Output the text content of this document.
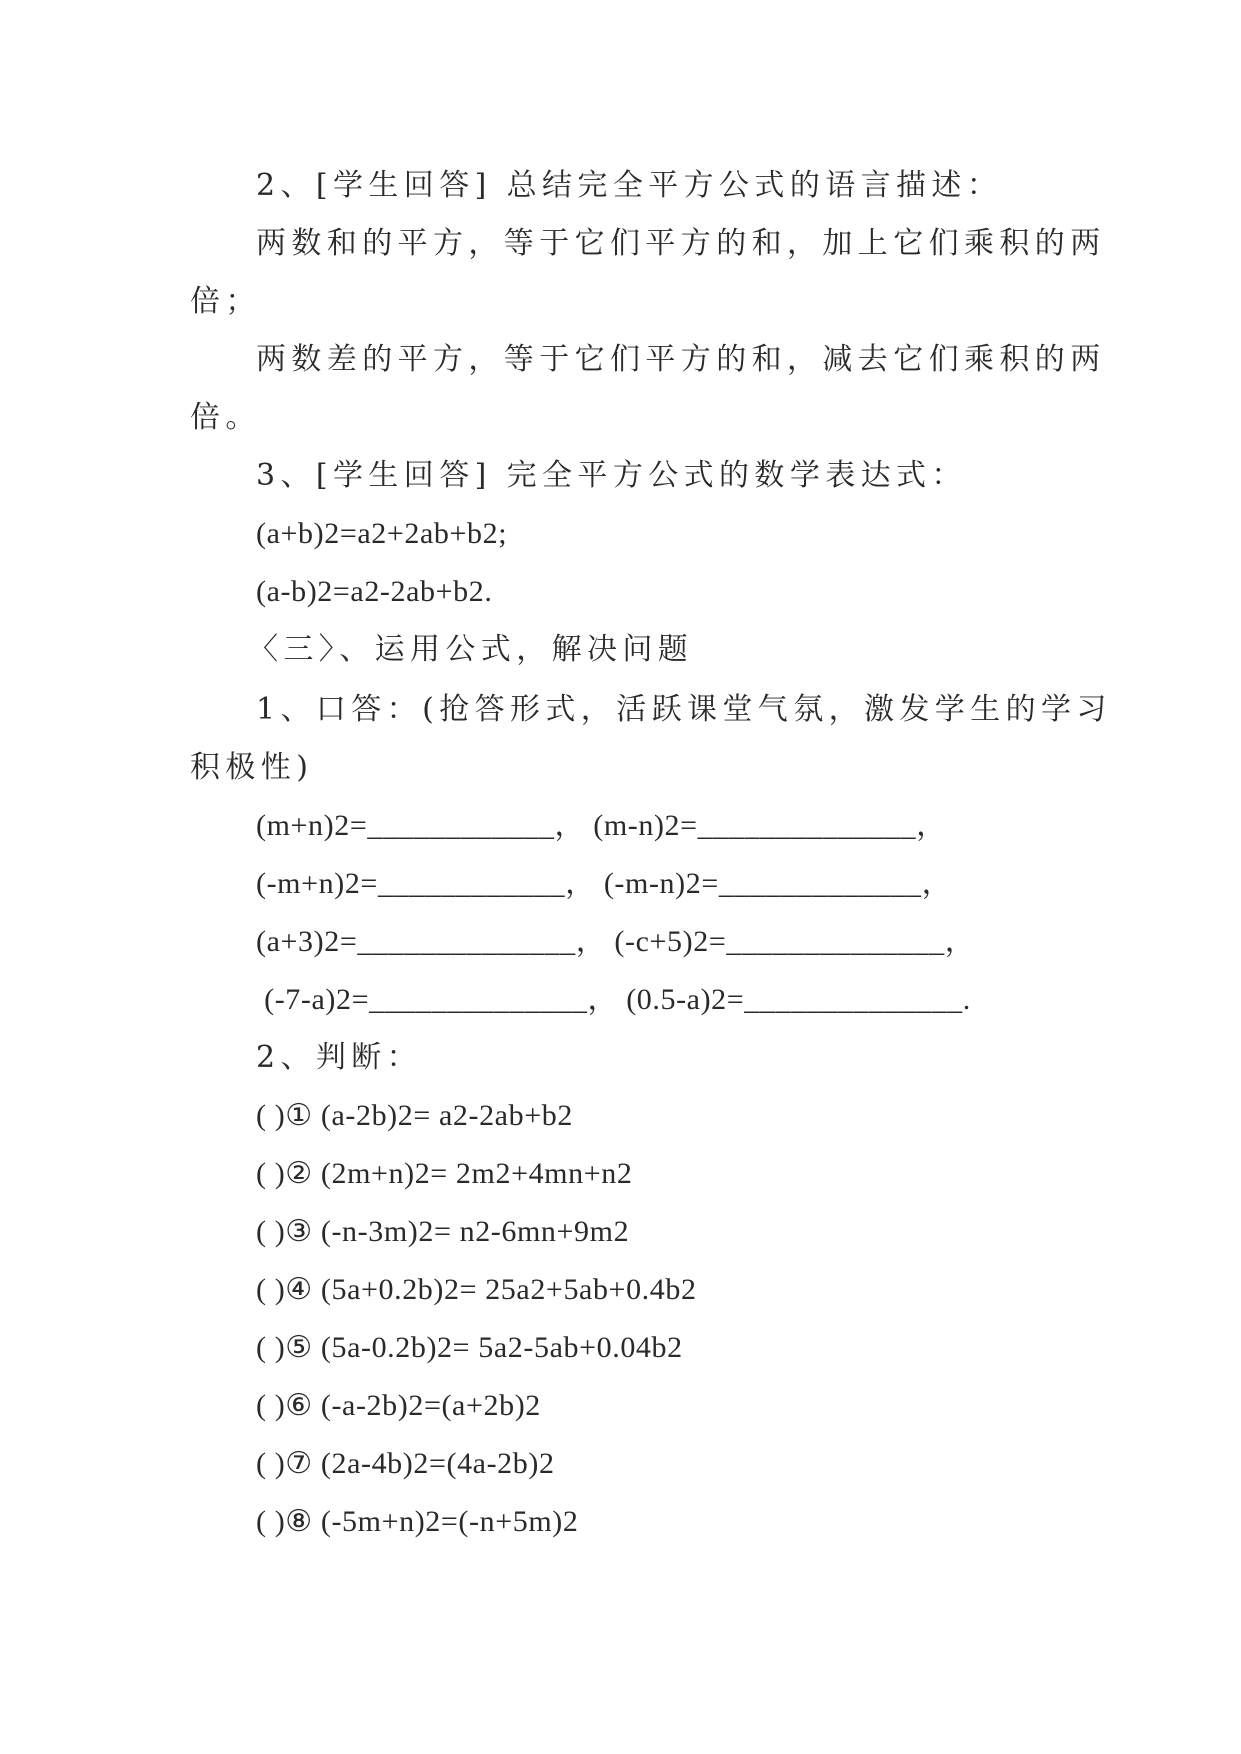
2、[学生回答] 总结完全平方公式的语言描述：
两数和的平方，等于它们平方的和，加上它们乘积的两
倍；
两数差的平方，等于它们平方的和，减去它们乘积的两
倍。
3、[学生回答] 完全平方公式的数学表达式：
(a+b)2=a2+2ab+b2;
(a-b)2=a2-2ab+b2.
〈三〉、运用公式，解决问题
1、口答：(抢答形式，活跃课堂气氛，激发学生的学习
积极性)
(m+n)2=____________， (m-n)2=______________，
(-m+n)2=____________， (-m-n)2=_____________，
(a+3)2=______________， (-c+5)2=______________，
(-7-a)2=______________， (0.5-a)2=______________.
2、判断：
( )① (a-2b)2= a2-2ab+b2
( )② (2m+n)2= 2m2+4mn+n2
( )③ (-n-3m)2= n2-6mn+9m2
( )④ (5a+0.2b)2= 25a2+5ab+0.4b2
( )⑤ (5a-0.2b)2= 5a2-5ab+0.04b2
( )⑥ (-a-2b)2=(a+2b)2
( )⑦ (2a-4b)2=(4a-2b)2
( )⑧ (-5m+n)2=(-n+5m)2
